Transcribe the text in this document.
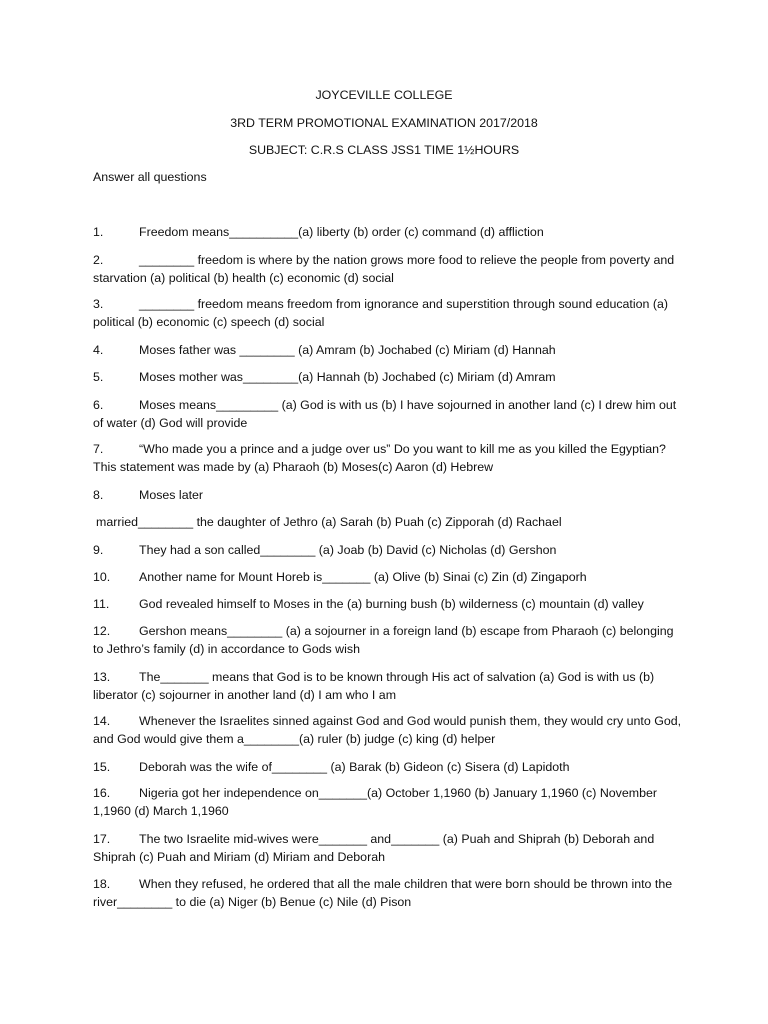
JOYCEVILLE COLLEGE
3RD TERM PROMOTIONAL EXAMINATION 2017/2018
SUBJECT: C.R.S CLASS JSS1 TIME 1½HOURS
Answer all questions
1.	Freedom means__________(a) liberty (b) order (c) command (d) affliction
2.	________ freedom is where by the nation grows more food to relieve the people from poverty and starvation (a) political (b) health (c) economic (d) social
3.	________ freedom means freedom from ignorance and superstition through sound education (a) political (b) economic (c) speech (d) social
4.	Moses father was ________ (a) Amram (b) Jochabed (c) Miriam (d) Hannah
5.	Moses mother was________(a) Hannah (b) Jochabed (c) Miriam (d) Amram
6.	Moses means_________ (a) God is with us (b) I have sojourned in another land (c) I drew him out of water (d) God will provide
7.	“Who made you a prince and a judge over us” Do you want to kill me as you killed the Egyptian? This statement was made by (a) Pharaoh (b) Moses(c) Aaron (d) Hebrew
8.	Moses later
married________ the daughter of Jethro (a) Sarah (b) Puah (c) Zipporah (d) Rachael
9.	They had a son called________ (a) Joab (b) David (c) Nicholas (d) Gershon
10. Another name for Mount Horeb is_______ (a) Olive (b) Sinai (c) Zin (d) Zingaporh
11. God revealed himself to Moses in the (a) burning bush (b) wilderness (c) mountain (d) valley
12. Gershon means________ (a) a sojourner in a foreign land (b) escape from Pharaoh (c) belonging to Jethro’s family (d) in accordance to Gods wish
13. The_______ means that God is to be known through His act of salvation (a) God is with us (b) liberator (c) sojourner in another land (d) I am who I am
14. Whenever the Israelites sinned against God and God would punish them, they would cry unto God, and God would give them a________(a) ruler (b) judge (c) king (d) helper
15. Deborah was the wife of________ (a) Barak (b) Gideon (c) Sisera (d) Lapidoth
16. Nigeria got her independence on_______(a) October 1,1960 (b) January 1,1960 (c) November 1,1960 (d) March 1,1960
17. The two Israelite mid-wives were_______ and_______ (a) Puah and Shiprah (b) Deborah and Shiprah (c) Puah and Miriam (d) Miriam and Deborah
18. When they refused, he ordered that all the male children that were born should be thrown into the river________ to die (a) Niger (b) Benue (c) Nile (d) Pison
